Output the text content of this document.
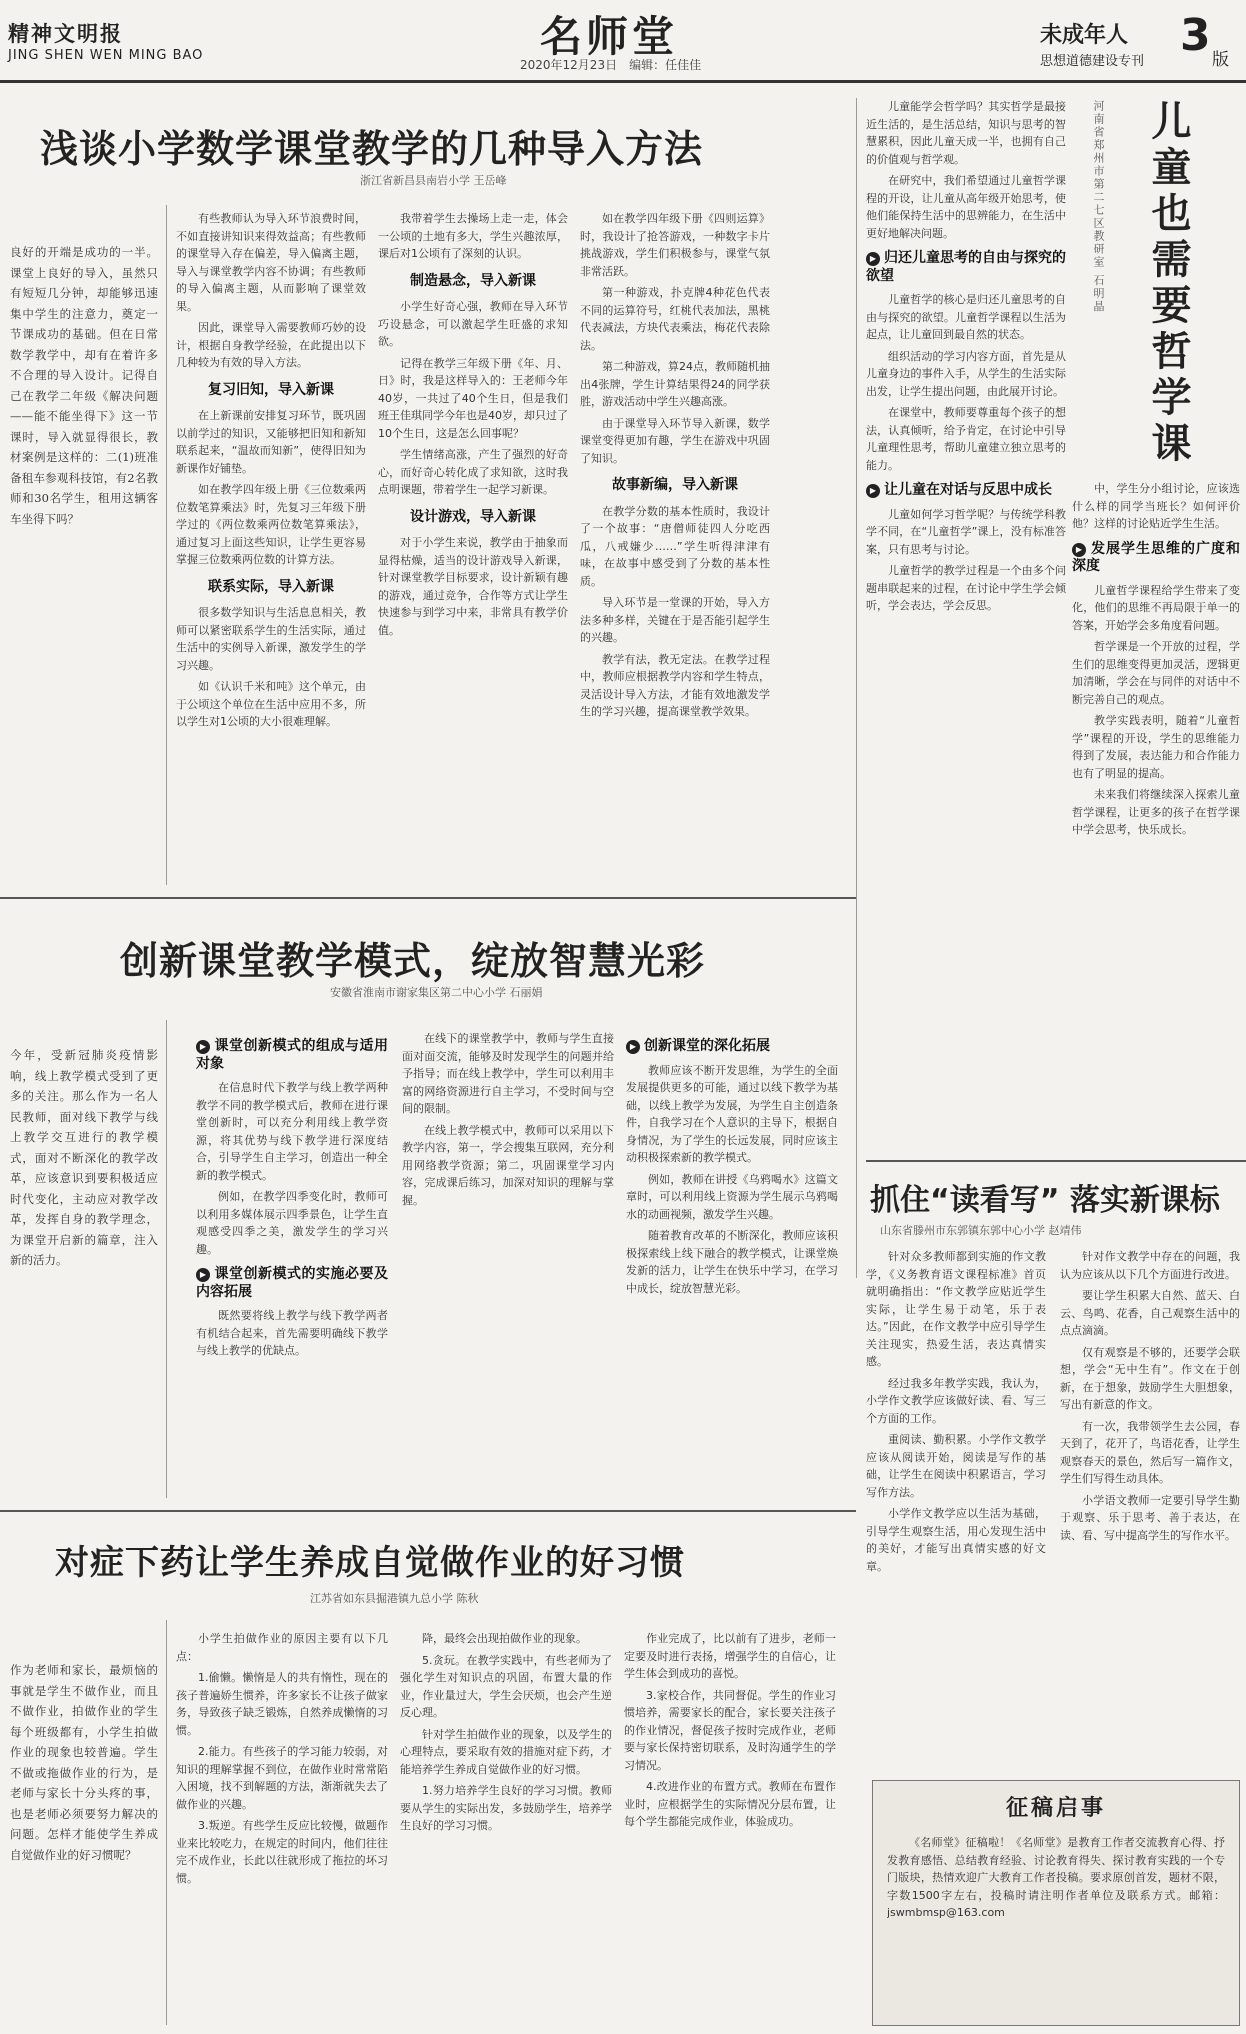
精神文明报
JING SHEN WEN MING BAO	名师堂
2020年12月23日　编辑：任佳佳
未成年人
思想道德建设专刊
3 版
浅谈小学数学课堂教学的几种导入方法
浙江省新昌县南岩小学 王岳峰
良好的开端是成功的一半。课堂上良好的导入，虽然只有短短几分钟，却能够迅速集中学生的注意力，奠定一节课成功的基础。但在日常数学教学中，却有在着许多不合理的导入设计。记得自己在教学二年级《解决问题——能不能坐得下》这一节课时，导入就显得很长，教材案例是这样的：二(1)班准备租车参观科技馆，有2名教师和30名学生，租用这辆客车坐得下吗？

有些教师认为导入环节浪费时间，不如直接讲知识来得效益高；有些教师的课堂导入存在偏差，导入偏离主题，导入与课堂教学内容不协调；有些教师的导入偏离主题，从而影响了课堂效果。

因此，课堂导入需要教师巧妙的设计，根据自身教学经验，在此提出以下几种较为有效的导入方法。

复习旧知，导入新课

在上新课前安排复习环节，既巩固以前学过的知识，又能够把旧知和新知联系起来，“温故而知新”，使得旧知为新课作好铺垫。

如在教学四年级上册《三位数乘两位数笔算乘法》时，先复习三年级下册学过的《两位数乘两位数笔算乘法》，通过复习上面这些知识，让学生更容易掌握三位数乘两位数的计算方法。

联系实际，导入新课

很多数学知识与生活息息相关，教师可以紧密联系学生的生活实际，通过生活中的实例导入新课，激发学生的学习兴趣。

如《认识千米和吨》这个单元，由于公顷这个单位在生活中应用不多，所以学生对1公顷的大小很难理解。

我带着学生去操场上走一走，体会一公顷的土地有多大，学生兴趣浓厚，课后对1公顷有了深刻的认识。

制造悬念，导入新课

小学生好奇心强，教师在导入环节巧设悬念，可以激起学生旺盛的求知欲。

记得在教学三年级下册《年、月、日》时，我是这样导入的：王老师今年40岁，一共过了40个生日，但是我们班王佳琪同学今年也是40岁，却只过了10个生日，这是怎么回事呢？

学生情绪高涨，产生了强烈的好奇心，而好奇心转化成了求知欲，这时我点明课题，带着学生一起学习新课。

设计游戏，导入新课

对于小学生来说，教学由于抽象而显得枯燥，适当的设计游戏导入新课，针对课堂教学目标要求，设计新颖有趣的游戏，通过竞争，合作等方式让学生快速参与到学习中来，非常具有教学价值。

如在教学四年级下册《四则运算》时，我设计了抢答游戏，一种数字卡片挑战游戏，学生们积极参与，课堂气氛非常活跃。

第一种游戏，扑克牌4种花色代表不同的运算符号，红桃代表加法，黑桃代表减法，方块代表乘法，梅花代表除法。

第二种游戏，算24点，教师随机抽出4张牌，学生计算结果得24的同学获胜，游戏活动中学生兴趣高涨。

由于课堂导入环节导入新课，数学课堂变得更加有趣，学生在游戏中巩固了知识。

故事新编，导入新课

在教学分数的基本性质时，我设计了一个故事：“唐僧师徒四人分吃西瓜，八戒嫌少……”学生听得津津有味，在故事中感受到了分数的基本性质。

导入环节是一堂课的开始，导入方法多种多样，关键在于是否能引起学生的兴趣。

教学有法，教无定法。在教学过程中，教师应根据教学内容和学生特点，灵活设计导入方法，才能有效地激发学生的学习兴趣，提高课堂教学效果。

儿童能学会哲学吗？其实哲学是最接近生活的，是生活总结，知识与思考的智慧累积，因此儿童天成一半，也拥有自己的价值观与哲学观。

在研究中，我们希望通过儿童哲学课程的开设，让儿童从高年级开始思考，使他们能保持生活中的思辨能力，在生活中更好地解决问题。

▶ 归还儿童思考的自由与探究的欲望

儿童哲学的核心是归还儿童思考的自由与探究的欲望。儿童哲学课程以生活为起点，让儿童回到最自然的状态。

组织活动的学习内容方面，首先是从儿童身边的事件入手，从学生的生活实际出发，让学生提出问题，由此展开讨论。

在课堂中，教师要尊重每个孩子的想法，认真倾听，给予肯定，在讨论中引导儿童理性思考，帮助儿童建立独立思考的能力。

▶ 让儿童在对话与反思中成长

儿童如何学习哲学呢？与传统学科教学不同，在“儿童哲学”课上，没有标准答案，只有思考与讨论。

儿童哲学的教学过程是一个由多个问题串联起来的过程，在讨论中学生学会倾听，学会表达，学会反思。

河南省郑州市第二七区教研室 石明晶 儿童也需要哲学课

中，学生分小组讨论，应该选什么样的同学当班长？如何评价他？这样的讨论贴近学生生活。

▶ 发展学生思维的广度和深度

儿童哲学课程给学生带来了变化，他们的思维不再局限于单一的答案，开始学会多角度看问题。

哲学课是一个开放的过程，学生们的思维变得更加灵活，逻辑更加清晰，学会在与同伴的对话中不断完善自己的观点。

教学实践表明，随着“儿童哲学”课程的开设，学生的思维能力得到了发展，表达能力和合作能力也有了明显的提高。

未来我们将继续深入探索儿童哲学课程，让更多的孩子在哲学课中学会思考，快乐成长。

创新课堂教学模式，绽放智慧光彩
安徽省淮南市谢家集区第二中心小学 石丽娟
今年，受新冠肺炎疫情影响，线上教学模式受到了更多的关注。那么作为一名人民教师，面对线下教学与线上教学交互进行的教学模式，面对不断深化的教学改革，应该意识到要积极适应时代变化，主动应对教学改革，发挥自身的教学理念，为课堂开启新的篇章，注入新的活力。
▶ 课堂创新模式的组成与适用对象

在信息时代下教学与线上教学两种教学不同的教学模式后，教师在进行课堂创新时，可以充分利用线上教学资源，将其优势与线下教学进行深度结合，引导学生自主学习，创造出一种全新的教学模式。

例如，在教学四季变化时，教师可以利用多媒体展示四季景色，让学生直观感受四季之美，激发学生的学习兴趣。

▶ 课堂创新模式的实施必要及内容拓展

既然要将线上教学与线下教学两者有机结合起来，首先需要明确线下教学与线上教学的优缺点。

在线下的课堂教学中，教师与学生直接面对面交流，能够及时发现学生的问题并给予指导；而在线上教学中，学生可以利用丰富的网络资源进行自主学习，不受时间与空间的限制。

在线上教学模式中，教师可以采用以下教学内容，第一，学会搜集互联网，充分利用网络教学资源；第二，巩固课堂学习内容，完成课后练习，加深对知识的理解与掌握。

▶ 创新课堂的深化拓展

教师应该不断开发思维，为学生的全面发展提供更多的可能，通过以线下教学为基础，以线上教学为发展，为学生自主创造条件，自我学习在个人意识的主导下，根据自身情况，为了学生的长远发展，同时应该主动积极探索新的教学模式。

例如，教师在讲授《乌鸦喝水》这篇文章时，可以利用线上资源为学生展示乌鸦喝水的动画视频，激发学生兴趣。

随着教育改革的不断深化，教师应该积极探索线上线下融合的教学模式，让课堂焕发新的活力，让学生在快乐中学习，在学习中成长，绽放智慧光彩。

抓住“读看写” 落实新课标
山东省滕州市东郭镇东郭中心小学 赵靖伟

针对众多教师都到实施的作文教学，《义务教育语文课程标准》首页就明确指出：“作文教学应贴近学生实际，让学生易于动笔，乐于表达。”因此，在作文教学中应引导学生关注现实，热爱生活，表达真情实感。

经过我多年教学实践，我认为，小学作文教学应该做好读、看、写三个方面的工作。

重阅读、勤积累。小学作文教学应该从阅读开始，阅读是写作的基础，让学生在阅读中积累语言，学习写作方法。

小学作文教学应以生活为基础，引导学生观察生活，用心发现生活中的美好，才能写出真情实感的好文章。

针对作文教学中存在的问题，我认为应该从以下几个方面进行改进。

要让学生积累大自然、蓝天、白云、鸟鸣、花香，自己观察生活中的点点滴滴。

仅有观察是不够的，还要学会联想，学会“无中生有”。作文在于创新，在于想象，鼓励学生大胆想象，写出有新意的作文。

有一次，我带领学生去公园，春天到了，花开了，鸟语花香，让学生观察春天的景色，然后写一篇作文，学生们写得生动具体。

小学语文教师一定要引导学生勤于观察、乐于思考、善于表达，在读、看、写中提高学生的写作水平。

对症下药让学生养成自觉做作业的好习惯
江苏省如东县掘港镇九总小学 陈秋
作为老师和家长，最烦恼的事就是学生不做作业，而且不做作业，拍做作业的学生每个班级都有，小学生拍做作业的现象也较普遍。学生不做或拖做作业的行为，是老师与家长十分头疼的事，也是老师必须要努力解决的问题。怎样才能使学生养成自觉做作业的好习惯呢？

小学生拍做作业的原因主要有以下几点：

1.偷懒。懒惰是人的共有惰性，现在的孩子普遍娇生惯养，许多家长不让孩子做家务，导致孩子缺乏锻炼，自然养成懒惰的习惯。

2.能力。有些孩子的学习能力较弱，对知识的理解掌握不到位，在做作业时常常陷入困境，找不到解题的方法，渐渐就失去了做作业的兴趣。

3.叛逆。有些学生反应比较慢，做题作业来比较吃力，在规定的时间内，他们往往完不成作业，长此以往就形成了拖拉的坏习惯。

降，最终会出现拍做作业的现象。

5.贪玩。在教学实践中，有些老师为了强化学生对知识点的巩固，布置大量的作业，作业量过大，学生会厌烦，也会产生逆反心理。

针对学生拍做作业的现象，以及学生的心理特点，要采取有效的措施对症下药，才能培养学生养成自觉做作业的好习惯。

1.努力培养学生良好的学习习惯。教师要从学生的实际出发，多鼓励学生，培养学生良好的学习习惯。

作业完成了，比以前有了进步，老师一定要及时进行表扬，增强学生的自信心，让学生体会到成功的喜悦。

3.家校合作，共同督促。学生的作业习惯培养，需要家长的配合，家长要关注孩子的作业情况，督促孩子按时完成作业，老师要与家长保持密切联系，及时沟通学生的学习情况。

4.改进作业的布置方式。教师在布置作业时，应根据学生的实际情况分层布置，让每个学生都能完成作业，体验成功。

征稿启事

《名师堂》征稿啦！《名师堂》是教育工作者交流教育心得、抒发教育感悟、总结教育经验、讨论教育得失、探讨教育实践的一个专门版块，热情欢迎广大教育工作者投稿。要求原创首发，题材不限，字数1500字左右，投稿时请注明作者单位及联系方式。邮箱：jswmbmsp@163.com
